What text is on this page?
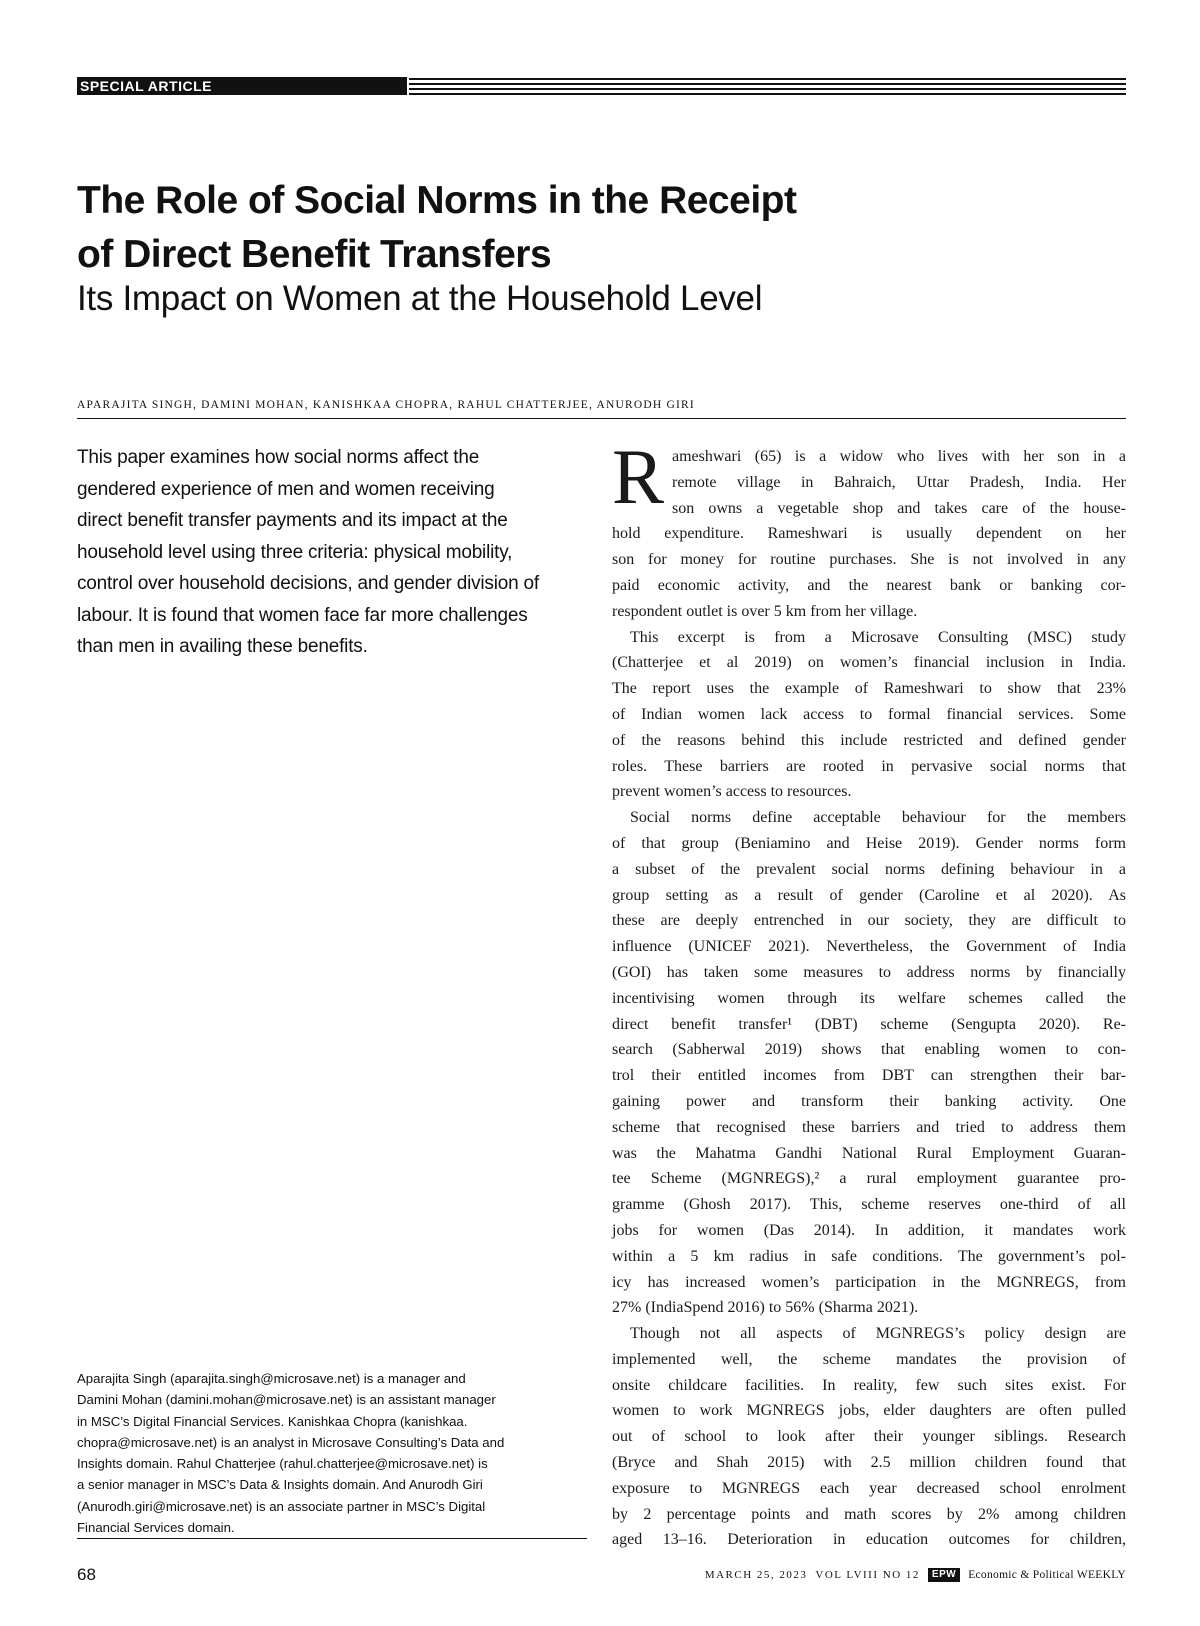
SPECIAL ARTICLE
The Role of Social Norms in the Receipt
of Direct Benefit Transfers
Its Impact on Women at the Household Level
APARAJITA SINGH, DAMINI MOHAN, KANISHKAA CHOPRA, RAHUL CHATTERJEE, ANURODH GIRI
This paper examines how social norms affect the
gendered experience of men and women receiving
direct benefit transfer payments and its impact at the
household level using three criteria: physical mobility,
control over household decisions, and gender division of
labour. It is found that women face far more challenges
than men in availing these benefits.
Aparajita Singh (aparajita.singh@microsave.net) is a manager and
Damini Mohan (damini.mohan@microsave.net) is an assistant manager
in MSC’s Digital Financial Services. Kanishkaa Chopra (kanishkaa.
chopra@microsave.net) is an analyst in Microsave Consulting’s Data and
Insights domain. Rahul Chatterjee (rahul.chatterjee@microsave.net) is
a senior manager in MSC’s Data & Insights domain. And Anurodh Giri
(Anurodh.giri@microsave.net) is an associate partner in MSC’s Digital
Financial Services domain.
R ameshwari (65) is a widow who lives with her son in a
remote village in Bahraich, Uttar Pradesh, India. Her
son owns a vegetable shop and takes care of the house-
hold expenditure. Rameshwari is usually dependent on her
son for money for routine purchases. She is not involved in any
paid economic activity, and the nearest bank or banking cor-
respondent outlet is over 5 km from her village.
This excerpt is from a Microsave Consulting (MSC) study
(Chatterjee et al 2019) on women’s financial inclusion in India.
The report uses the example of Rameshwari to show that 23%
of Indian women lack access to formal financial services. Some
of the reasons behind this include restricted and defined gender
roles. These barriers are rooted in pervasive social norms that
prevent women’s access to resources.
Social norms define acceptable behaviour for the members
of that group (Beniamino and Heise 2019). Gender norms form
a subset of the prevalent social norms defining behaviour in a
group setting as a result of gender (Caroline et al 2020). As
these are deeply entrenched in our society, they are difficult to
influence (UNICEF 2021). Nevertheless, the Government of India
(GOI) has taken some measures to address norms by financially
incentivising women through its welfare schemes called the
direct benefit transfer¹ (DBT) scheme (Sengupta 2020). Re-
search (Sabherwal 2019) shows that enabling women to con-
trol their entitled incomes from DBT can strengthen their bar-
gaining power and transform their banking activity. One
scheme that recognised these barriers and tried to address them
was the Mahatma Gandhi National Rural Employment Guaran-
tee Scheme (MGNREGS),² a rural employment guarantee pro-
gramme (Ghosh 2017). This, scheme reserves one-third of all
jobs for women (Das 2014). In addition, it mandates work
within a 5 km radius in safe conditions. The government’s pol-
icy has increased women’s participation in the MGNREGS, from
27% (IndiaSpend 2016) to 56% (Sharma 2021).
Though not all aspects of MGNREGS’s policy design are
implemented well, the scheme mandates the provision of
onsite childcare facilities. In reality, few such sites exist. For
women to work MGNREGS jobs, elder daughters are often pulled
out of school to look after their younger siblings. Research
(Bryce and Shah 2015) with 2.5 million children found that
exposure to MGNREGS each year decreased school enrolment
by 2 percentage points and math scores by 2% among children
aged 13–16. Deterioration in education outcomes for children,
68	MARCH 25, 2023 VOL LVIII NO 12	EPW	Economic & Political WEEKLY
